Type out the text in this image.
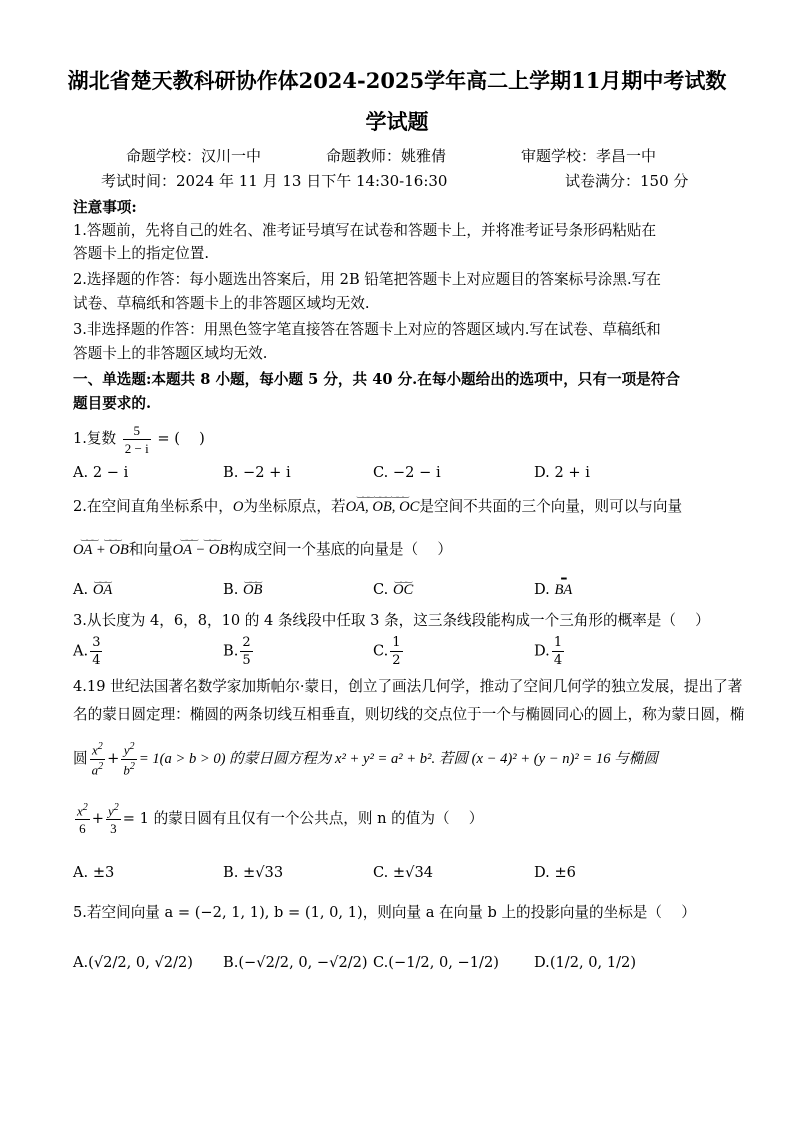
湖北省楚天教科研协作体2024-2025学年高二上学期11月期中考试数
学试题
命题学校：汉川一中	命题教师：姚雅倩	审题学校：孝昌一中
考试时间：2024 年 11 月 13 日下午 14:30-16:30	试卷满分：150 分
注意事项:
1.答题前，先将自己的姓名、准考证号填写在试卷和答题卡上，并将准考证号条形码粘贴在
答题卡上的指定位置.
2.选择题的作答：每小题选出答案后，用 2B 铅笔把答题卡上对应题目的答案标号涂黑.写在
试卷、草稿纸和答题卡上的非答题区域均无效.
3.非选择题的作答：用黑色签字笔直接答在答题卡上对应的答题区域内.写在试卷、草稿纸和
答题卡上的非答题区域均无效.
一、单选题:本题共 8 小题，每小题 5 分，共 40 分.在每小题给出的选项中，只有一项是符合
题目要求的.
1.复数 $\frac{5}{2 - i}$ = (　 )
A. 2 − i	B. −2 + i	C. −2 − i	D. 2 + i
2.在空间直角坐标系中，O为坐标原点，若
‿‿‿ ‿‿‿ ‿‿‿
OA, OB, OC是空间不共面的三个向量，则可以与向量
‿‿‿　‿‿‿
OA + OB和向量
‿‿‿　‿‿‿
OA − OB构成空间一个基底的向量是（　 ）
A.
‿‿‿
OA	B.
‿‿‿
OB	C.
‿‿‿
OC	D.
▪▪▪
BA
3.从长度为 4，6，8，10 的 4 条线段中任取 3 条，这三条线段能构成一个三角形的概率是（　 ）
A. $\frac{3}{4}$	B. $\frac{2}{5}$	C. $\frac{1}{2}$	D. $\frac{1}{4}$
4.19 世纪法国著名数学家加斯帕尔·蒙日，创立了画法几何学，推动了空间几何学的独立发展，提出了著
名的蒙日圆定理：椭圆的两条切线互相垂直，则切线的交点位于一个与椭圆同心的圆上，称为蒙日圆，椭
圆 $\frac{x^2}{a^2} + \frac{y^2}{b^2} = 1(a > b > 0)$ 的蒙日圆方程为 x² + y² = a² + b². 若圆 (x − 4)² + (y − n)² = 16 与椭圆
$\frac{x^2}{6} + \frac{y^2}{3} = 1$ 的蒙日圆有且仅有一个公共点，则 n 的值为（　 ）
A. ±3	B. ±√33	C. ±√34	D. ±6
5.若空间向量 a = (−2, 1, 1), b = (1, 0, 1)，则向量 a 在向量 b 上的投影向量的坐标是（　 ）
A.(√2/2, 0, √2/2) B.(−√2/2, 0, −√2/2) C.(−1/2, 0, −1/2) D.(1/2, 0, 1/2)
